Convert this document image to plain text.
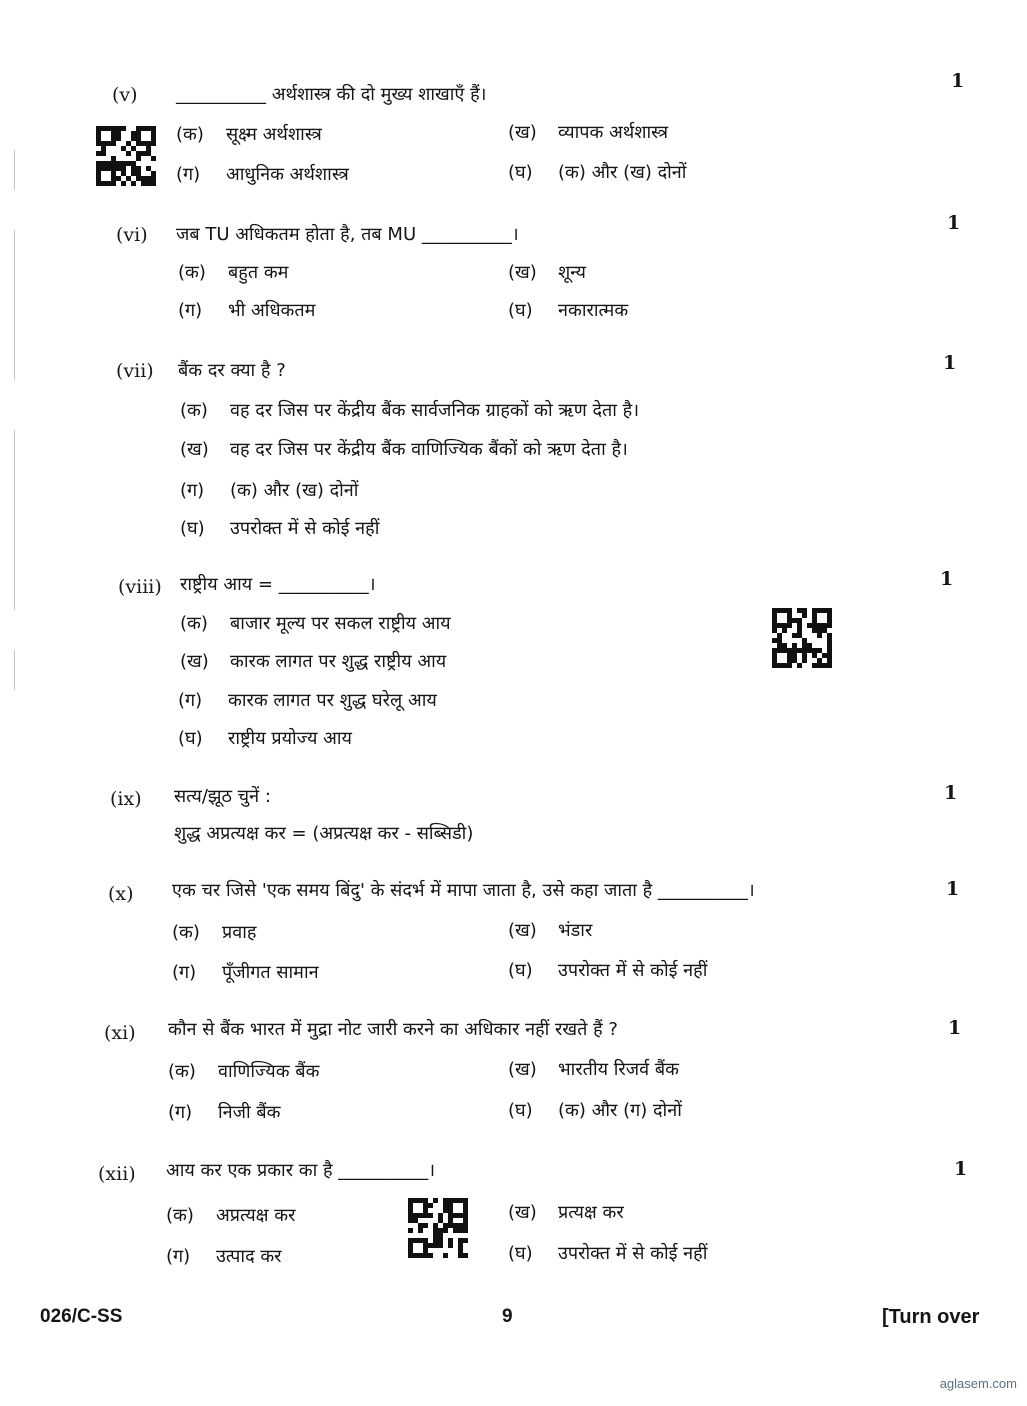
(v) __________ अर्थशास्त्र की दो मुख्य शाखाएँ हैं।
1
(क) सूक्ष्म अर्थशास्त्र	(ख) व्यापक अर्थशास्त्र
(ग) आधुनिक अर्थशास्त्र	(घ) (क) और (ख) दोनों
(vi) जब TU अधिकतम होता है, तब MU __________।
1
(क) बहुत कम	(ख) शून्य
(ग) भी अधिकतम	(घ) नकारात्मक
(vii) बैंक दर क्या है ?	1
(क) वह दर जिस पर केंद्रीय बैंक सार्वजनिक ग्राहकों को ऋण देता है।
(ख) वह दर जिस पर केंद्रीय बैंक वाणिज्यिक बैंकों को ऋण देता है।
(ग) (क) और (ख) दोनों
(घ) उपरोक्त में से कोई नहीं
(viii) राष्ट्रीय आय = __________।	1
(क) बाजार मूल्य पर सकल राष्ट्रीय आय
(ख) कारक लागत पर शुद्ध राष्ट्रीय आय
(ग) कारक लागत पर शुद्ध घरेलू आय
(घ) राष्ट्रीय प्रयोज्य आय
(ix) सत्य/झूठ चुनें :	1
शुद्ध अप्रत्यक्ष कर = (अप्रत्यक्ष कर - सब्सिडी)
(x) एक चर जिसे 'एक समय बिंदु' के संदर्भ में मापा जाता है, उसे कहा जाता है __________।	1
(क) प्रवाह	(ख) भंडार
(ग) पूँजीगत सामान	(घ) उपरोक्त में से कोई नहीं
(xi) कौन से बैंक भारत में मुद्रा नोट जारी करने का अधिकार नहीं रखते हैं ?	1
(क) वाणिज्यिक बैंक	(ख) भारतीय रिजर्व बैंक
(ग) निजी बैंक	(घ) (क) और (ग) दोनों
(xii) आय कर एक प्रकार का है __________।	1
(क) अप्रत्यक्ष कर	(ख) प्रत्यक्ष कर
(ग) उत्पाद कर	(घ) उपरोक्त में से कोई नहीं
026/C-SS	9	[Turn over
aglasem.com
